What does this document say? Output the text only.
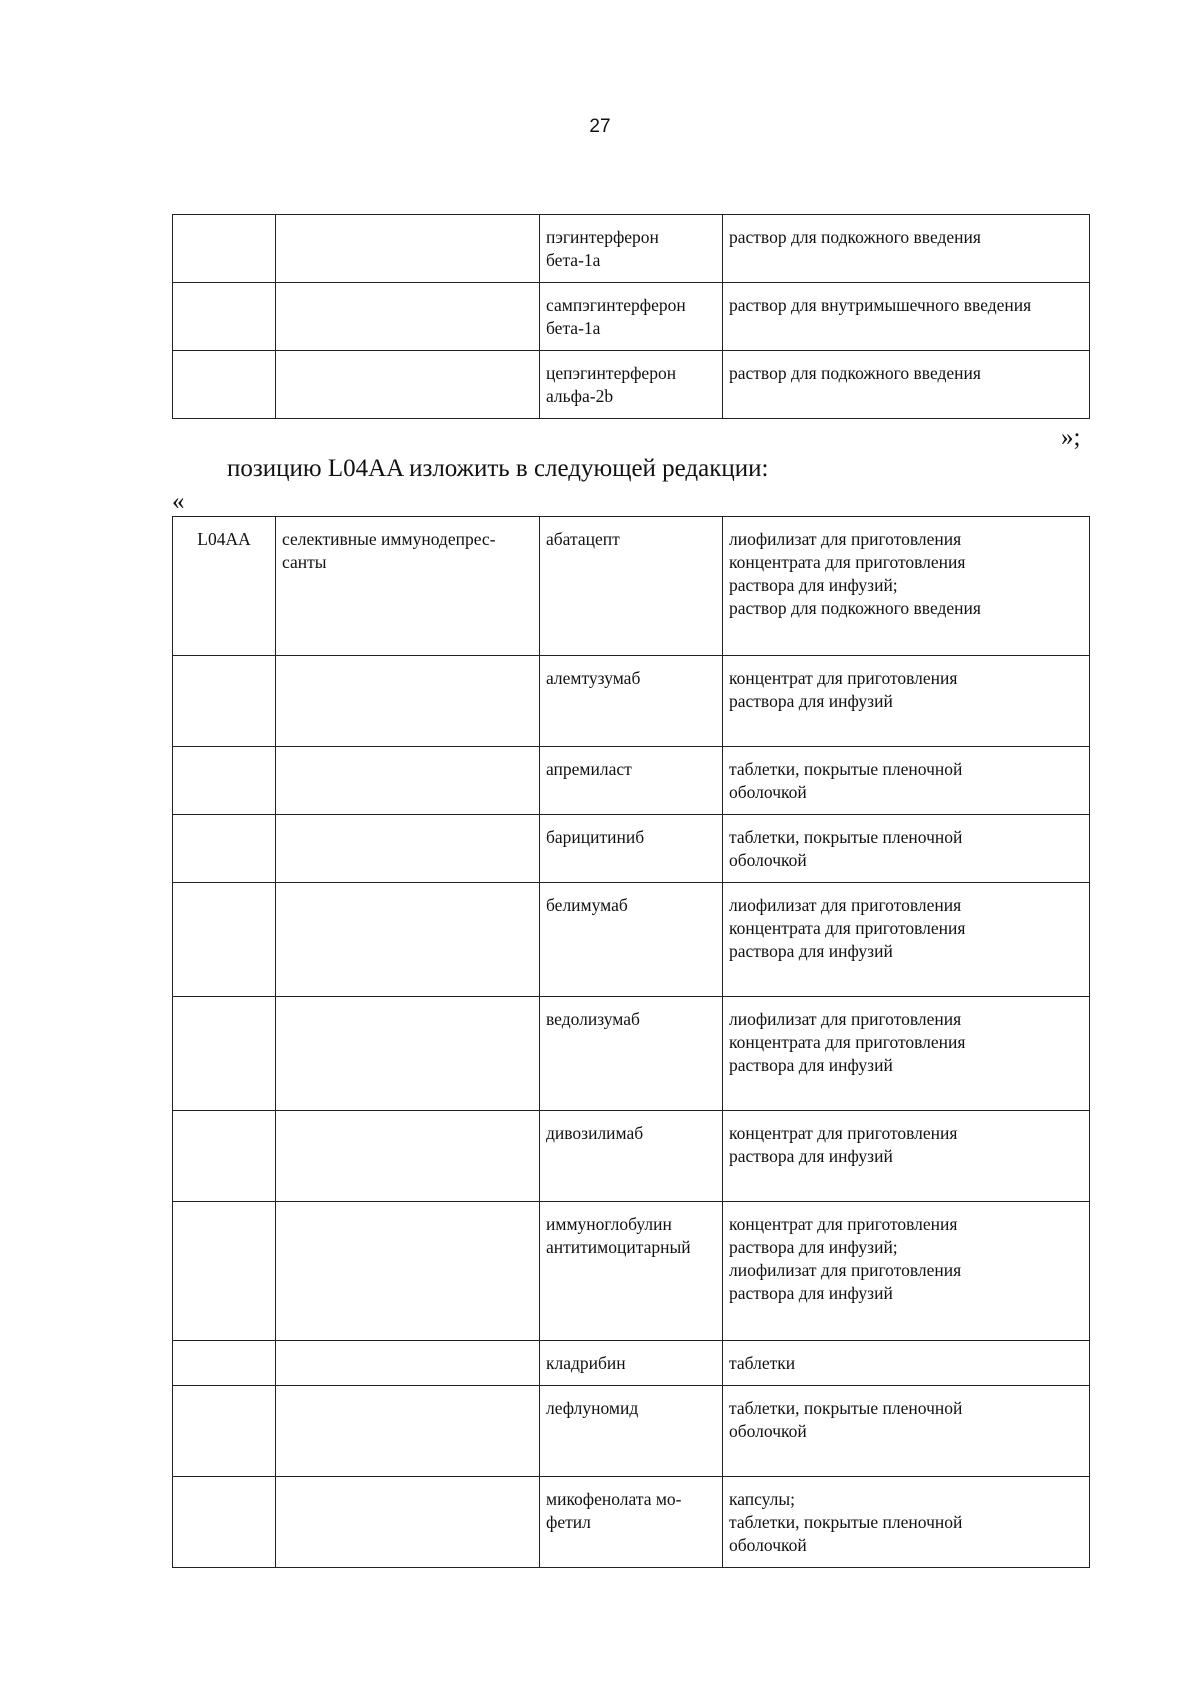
27
		пэгинтерферон
бета-1а	раствор для подкожного введения
		сампэгинтерферон
бета-1а	раствор для внутримышечного введения
		цепэгинтерферон
альфа-2b	раствор для подкожного введения
»;
позицию L04AA изложить в следующей редакции:
«
L04AA	селективные иммунодепрес-
санты	абатацепт	лиофилизат для приготовления
концентрата для приготовления
раствора для инфузий;
раствор для подкожного введения
		алемтузумаб	концентрат для приготовления
раствора для инфузий
		апремиласт	таблетки, покрытые пленочной
оболочкой
		барицитиниб	таблетки, покрытые пленочной
оболочкой
		белимумаб	лиофилизат для приготовления
концентрата для приготовления
раствора для инфузий
		ведолизумаб	лиофилизат для приготовления
концентрата для приготовления
раствора для инфузий
		дивозилимаб	концентрат для приготовления
раствора для инфузий
		иммуноглобулин
антитимоцитарный	концентрат для приготовления
раствора для инфузий;
лиофилизат для приготовления
раствора для инфузий
		кладрибин	таблетки
		лефлуномид	таблетки, покрытые пленочной
оболочкой
		микофенолата мо-
фетил	капсулы;
таблетки, покрытые пленочной
оболочкой
